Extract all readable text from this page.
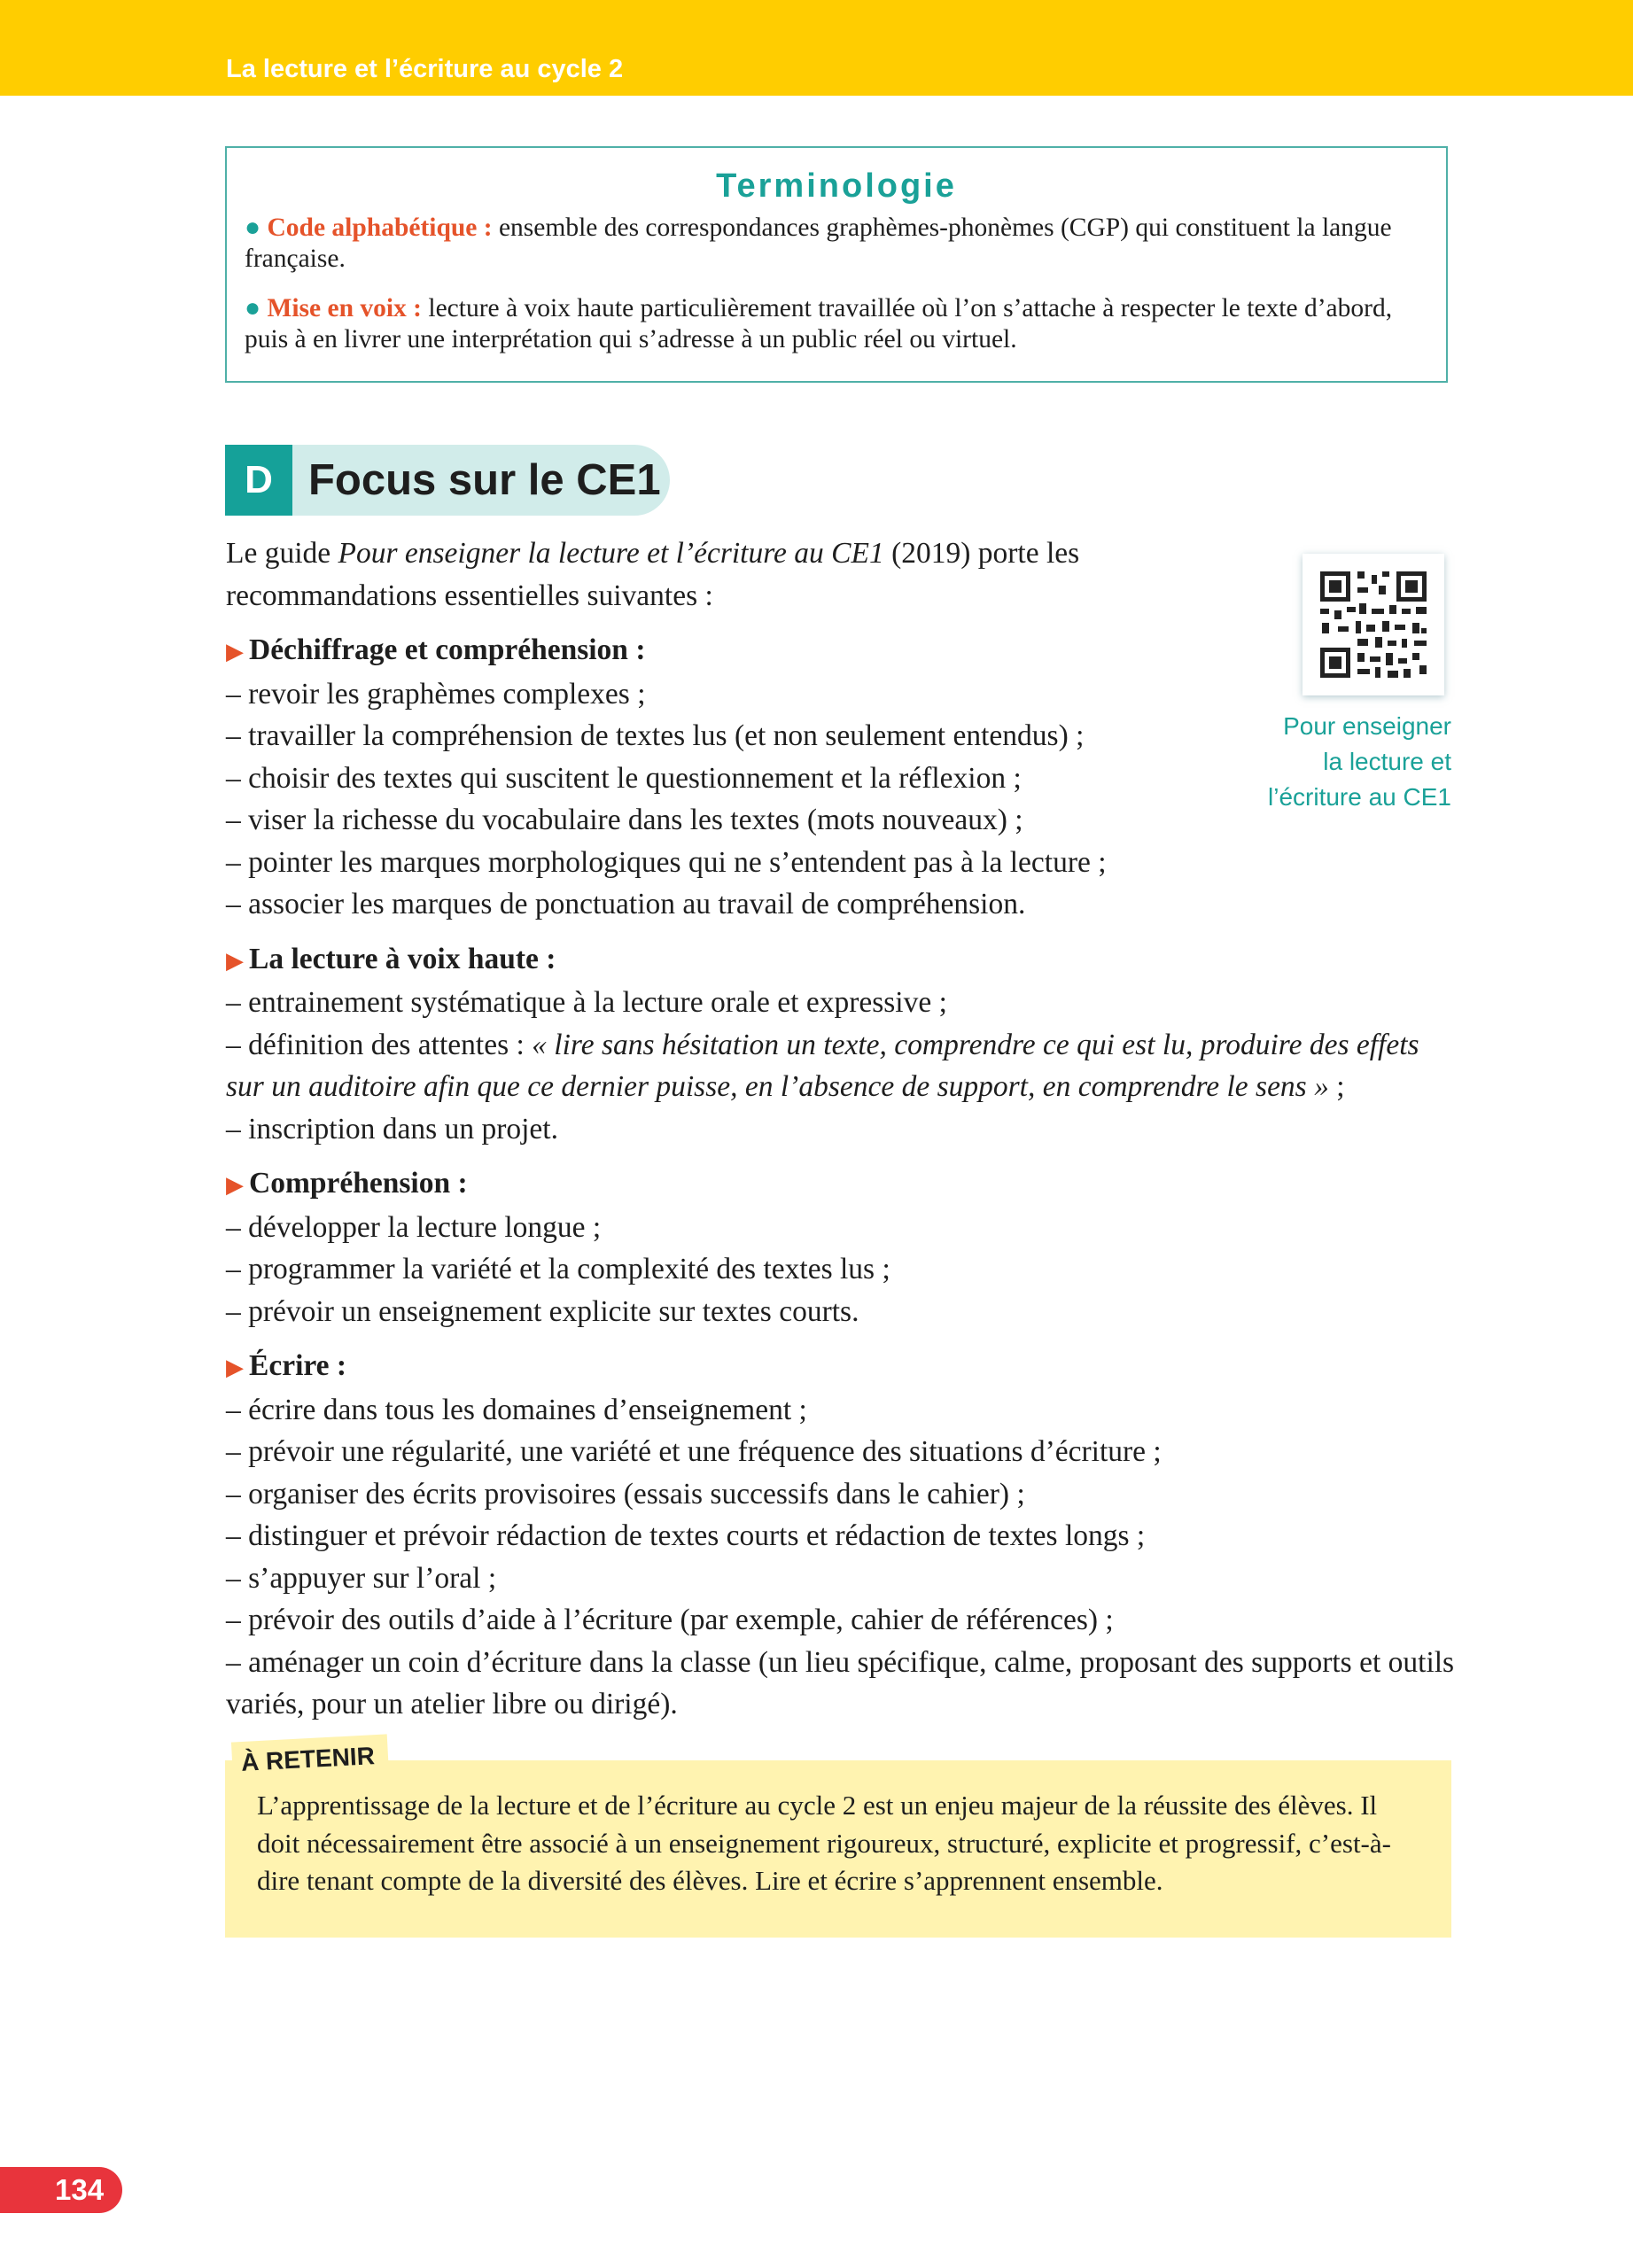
La lecture et l’écriture au cycle 2
Terminologie
● Code alphabétique : ensemble des correspondances graphèmes-phonèmes (CGP) qui constituent la langue française.
● Mise en voix : lecture à voix haute particulièrement travaillée où l’on s’attache à respecter le texte d’abord, puis à en livrer une interprétation qui s’adresse à un public réel ou virtuel.
D Focus sur le CE1
Pour enseigner
la lecture et
l’écriture au CE1
Le guide Pour enseigner la lecture et l’écriture au CE1 (2019) porte les recommandations essentielles suivantes :
▶ Déchiffrage et compréhension :
– revoir les graphèmes complexes ;
– travailler la compréhension de textes lus (et non seulement entendus) ;
– choisir des textes qui suscitent le questionnement et la réflexion ;
– viser la richesse du vocabulaire dans les textes (mots nouveaux) ;
– pointer les marques morphologiques qui ne s’entendent pas à la lecture ;
– associer les marques de ponctuation au travail de compréhension.
▶ La lecture à voix haute :
– entrainement systématique à la lecture orale et expressive ;
– définition des attentes : « lire sans hésitation un texte, comprendre ce qui est lu, produire des effets sur un auditoire afin que ce dernier puisse, en l’absence de support, en comprendre le sens » ;
– inscription dans un projet.
▶ Compréhension :
– développer la lecture longue ;
– programmer la variété et la complexité des textes lus ;
– prévoir un enseignement explicite sur textes courts.
▶ Écrire :
– écrire dans tous les domaines d’enseignement ;
– prévoir une régularité, une variété et une fréquence des situations d’écriture ;
– organiser des écrits provisoires (essais successifs dans le cahier) ;
– distinguer et prévoir rédaction de textes courts et rédaction de textes longs ;
– s’appuyer sur l’oral ;
– prévoir des outils d’aide à l’écriture (par exemple, cahier de références) ;
– aménager un coin d’écriture dans la classe (un lieu spécifique, calme, proposant des supports et outils variés, pour un atelier libre ou dirigé).
L’apprentissage de la lecture et de l’écriture au cycle 2 est un enjeu majeur de la réussite des élèves. Il doit nécessairement être associé à un enseignement rigoureux, structuré, explicite et progressif, c’est-à-dire tenant compte de la diversité des élèves. Lire et écrire s’apprennent ensemble.
À RETENIR
134
